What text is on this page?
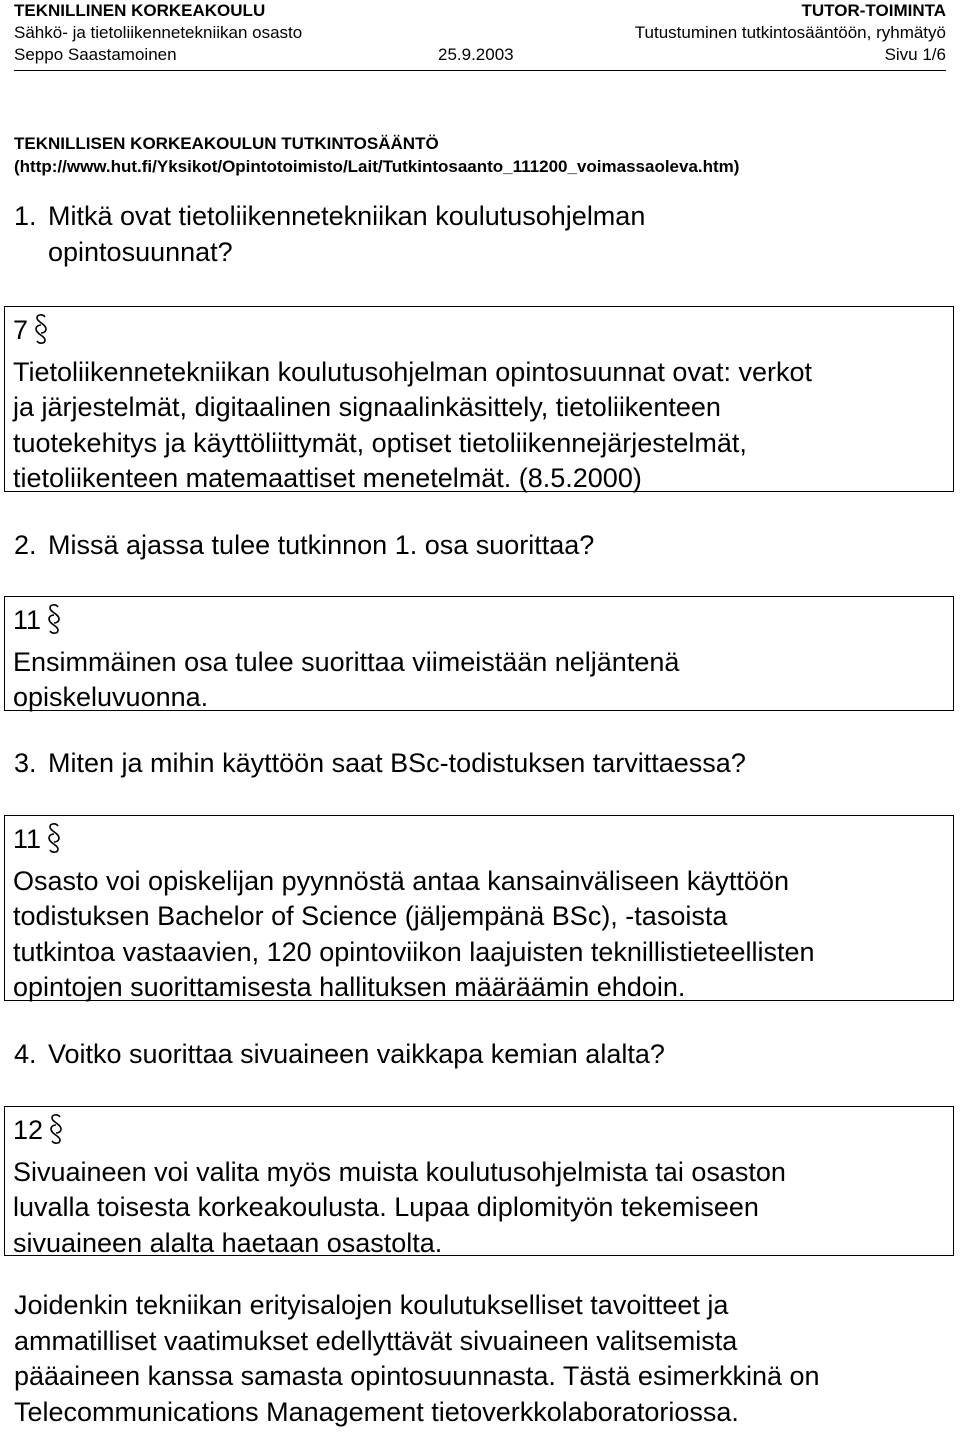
TEKNILLINEN KORKEAKOULU	TUTOR-TOIMINTA
Sähkö- ja tietoliikennetekniikan osasto	Tutustuminen tutkintosääntöön, ryhmätyö
Seppo Saastamoinen	25.9.2003	Sivu 1/6
TEKNILLISEN KORKEAKOULUN TUTKINTOSÄÄNTÖ
(http://www.hut.fi/Yksikot/Opintotoimisto/Lait/Tutkintosaanto_111200_voimassaoleva.htm)
1. Mitkä ovat tietoliikennetekniikan koulutusohjelman
opintosuunnat?
7
Tietoliikennetekniikan koulutusohjelman opintosuunnat ovat: verkot
ja järjestelmät, digitaalinen signaalinkäsittely, tietoliikenteen
tuotekehitys ja käyttöliittymät, optiset tietoliikennejärjestelmät,
tietoliikenteen matemaattiset menetelmät. (8.5.2000)
2. Missä ajassa tulee tutkinnon 1. osa suorittaa?
11
Ensimmäinen osa tulee suorittaa viimeistään neljäntenä
opiskeluvuonna.
3. Miten ja mihin käyttöön saat BSc-todistuksen tarvittaessa?
11
Osasto voi opiskelijan pyynnöstä antaa kansainväliseen käyttöön
todistuksen Bachelor of Science (jäljempänä BSc), -tasoista
tutkintoa vastaavien, 120 opintoviikon laajuisten teknillistieteellisten
opintojen suorittamisesta hallituksen määräämin ehdoin.
4. Voitko suorittaa sivuaineen vaikkapa kemian alalta?
12
Sivuaineen voi valita myös muista koulutusohjelmista tai osaston
luvalla toisesta korkeakoulusta. Lupaa diplomityön tekemiseen
sivuaineen alalta haetaan osastolta.
Joidenkin tekniikan erityisalojen koulutukselliset tavoitteet ja
ammatilliset vaatimukset edellyttävät sivuaineen valitsemista
pääaineen kanssa samasta opintosuunnasta. Tästä esimerkkinä on
Telecommunications Management tietoverkkolaboratoriossa.
